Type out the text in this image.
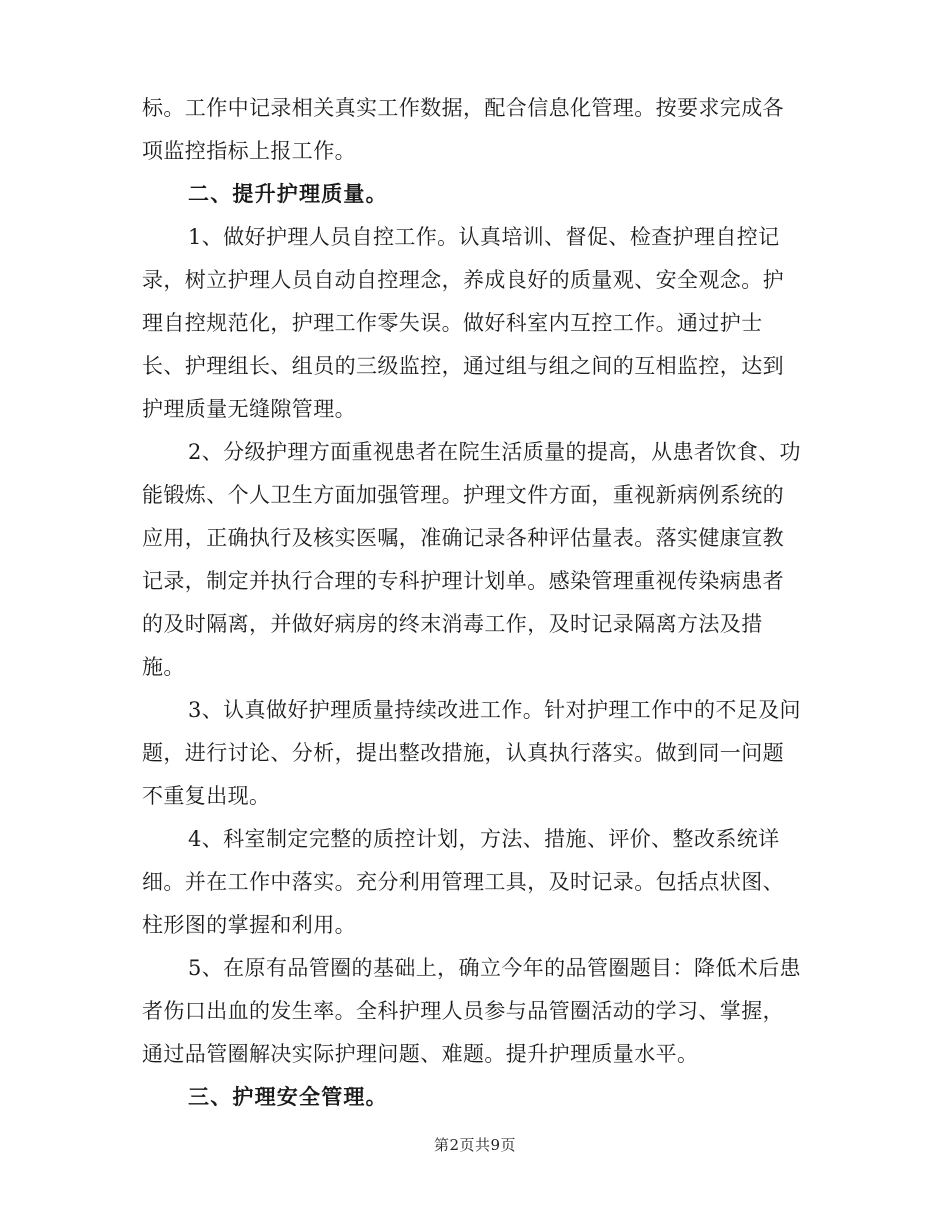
标。工作中记录相关真实工作数据，配合信息化管理。按要求完成各
项监控指标上报工作。
二、提升护理质量。
1、做好护理人员自控工作。认真培训、督促、检查护理自控记
录，树立护理人员自动自控理念，养成良好的质量观、安全观念。护
理自控规范化，护理工作零失误。做好科室内互控工作。通过护士
长、护理组长、组员的三级监控，通过组与组之间的互相监控，达到
护理质量无缝隙管理。
2、分级护理方面重视患者在院生活质量的提高，从患者饮食、功
能锻炼、个人卫生方面加强管理。护理文件方面，重视新病例系统的
应用，正确执行及核实医嘱，准确记录各种评估量表。落实健康宣教
记录，制定并执行合理的专科护理计划单。感染管理重视传染病患者
的及时隔离，并做好病房的终末消毒工作，及时记录隔离方法及措
施。
3、认真做好护理质量持续改进工作。针对护理工作中的不足及问
题，进行讨论、分析，提出整改措施，认真执行落实。做到同一问题
不重复出现。
4、科室制定完整的质控计划，方法、措施、评价、整改系统详
细。并在工作中落实。充分利用管理工具，及时记录。包括点状图、
柱形图的掌握和利用。
5、在原有品管圈的基础上，确立今年的品管圈题目：降低术后患
者伤口出血的发生率。全科护理人员参与品管圈活动的学习、掌握，
通过品管圈解决实际护理问题、难题。提升护理质量水平。
三、护理安全管理。
第2页共9页
